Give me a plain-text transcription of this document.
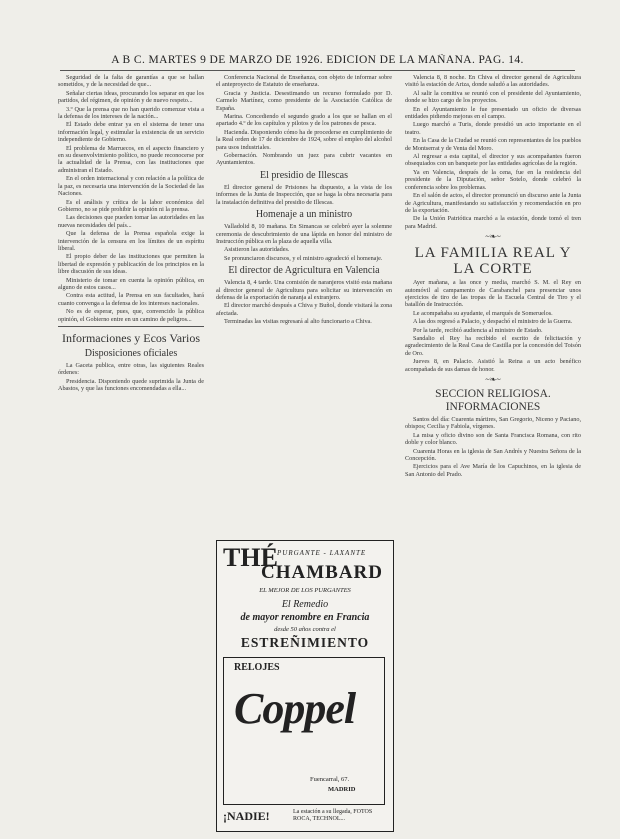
A B C. MARTES 9 DE MARZO DE 1926. EDICION DE LA MAÑANA. PAG. 14.

Seguridad de la falta de garantías a que se hallan sometidos, y de la necesidad de que...

Señalar ciertas ideas, procurando los separar en que los partidos, del régimen, de opinión y de nuevo respeto...

3.º Que la prensa que no han querido comenzar vista a la defensa de los intereses de la nación...

El Estado debe entrar ya en el sistema de tener una información legal, y estimular la existencia de un servicio independiente de Gobierno.

El problema de Marruecos, en el aspecto financiero y en su desenvolvimiento político, no puede reconocerse por la actualidad de la Prensa, con las instituciones que administran el Estado.

En el orden internacional y con relación a la política de la paz, es necesaria una intervención de la Sociedad de las Naciones.

Es el análisis y crítica de la labor económica del Gobierno, no se pide prohibir la opinión ni la prensa.

Las decisiones que pueden tomar las autoridades en las nuevas necesidades del país...

Que la defensa de la Prensa española exige la intervención de la censura en los límites de un espíritu liberal.

El propio deber de las instituciones que permiten la libertad de expresión y publicación de los principios en la libre discusión de sus ideas.

Ministerio de tomar en cuenta la opinión pública, en alguno de estos casos...

Contra esta actitud, la Prensa en sus facultades, hará cuanto convenga a la defensa de los intereses nacionales.

No es de esperar, pues, que, convencido la pública opinión, el Gobierno entre en un camino de peligros...

Informaciones y Ecos Varios
Disposiciones oficiales

La Gaceta publica, entre otras, las siguientes Reales órdenes:

Presidencia. Disponiendo quede suprimida la Junta de Abastos, y que las funciones encomendadas a ella...

Conferencia Nacional de Enseñanza, con objeto de informar sobre el anteproyecto de Estatuto de enseñanza.

Gracia y Justicia. Desestimando un recurso formulado por D. Carmelo Martínez, como presidente de la Asociación Católica de España.

Marina. Concediendo el segundo grado a los que se hallan en el apartado 4.º de los capítulos y pilotos y de los patrones de pesca.

Hacienda. Disponiendo cómo ha de procederse en cumplimiento de la Real orden de 17 de diciembre de 1924, sobre el empleo del alcohol para usos industriales.

Gobernación. Nombrando un juez para cubrir vacantes en Ayuntamientos.

El presidio de Illescas

El director general de Prisiones ha dispuesto, a la vista de los informes de la Junta de Inspección, que se haga la obra necesaria para la instalación definitiva del presidio de Illescas.

Homenaje a un ministro

Valladolid 8, 10 mañana. En Simancas se celebró ayer la solemne ceremonia de descubrimiento de una lápida en honor del ministro de Instrucción pública en la plaza de aquella villa.

Asistieron las autoridades.

Se pronunciaron discursos, y el ministro agradeció el homenaje.

El director de Agricultura en Valencia

Valencia 8, 4 tarde. Una comisión de naranjeros visitó esta mañana al director general de Agricultura para solicitar su intervención en defensa de la exportación de naranja al extranjero.

El director marchó después a Chiva y Buñol, donde visitará la zona afectada.

Terminadas las visitas regresará al alto funcionario a Chiva.

THÉ PURGANTE - LAXANTE
CHAMBARD
EL MEJOR DE LOS PURGANTES
El Remedio
de mayor renombre en Francia
desde 50 años contra el
ESTREÑIMIENTO
RELOJES
Coppel
Fuencarral, 67.
MADRID
¡NADIE!	La estación a su llegada, FOTOS ROCA, TECHNOL...

Valencia 8, 8 noche. En Chiva el director general de Agricultura visitó la estación de Ariza, donde saludó a las autoridades.

Al salir la comitiva se reunió con el presidente del Ayuntamiento, donde se hizo cargo de los proyectos.

En el Ayuntamiento le fue presentado un oficio de diversas entidades pidiendo mejoras en el campo.

Luego marchó a Turis, donde presidió un acto importante en el teatro.

En la Casa de la Ciudad se reunió con representantes de los pueblos de Montserrat y de Venta del Moro.

Al regresar a esta capital, el director y sus acompañantes fueron obsequiados con un banquete por las entidades agrícolas de la región.

Ya en Valencia, después de la cena, fue en la residencia del presidente de la Diputación, señor Sotelo, donde celebró la conferencia sobre los problemas.

En el salón de actos, el director pronunció un discurso ante la Junta de Agricultura, manifestando su satisfacción y recomendación en pro de la exportación.

De la Unión Patriótica marchó a la estación, donde tomó el tren para Madrid.

~❧~
LA FAMILIA REAL Y LA CORTE

Ayer mañana, a las once y media, marchó S. M. el Rey en automóvil al campamento de Carabanchel para presenciar unos ejercicios de tiro de las tropas de la Escuela Central de Tiro y el batallón de Instrucción.

Le acompañaba su ayudante, el marqués de Someruelos.

A las dos regresó a Palacio, y despachó el ministro de la Guerra.

Por la tarde, recibió audiencia al ministro de Estado.

Sandalio el Rey ha recibido el escrito de felicitación y agradecimiento de la Real Casa de Castilla por la concesión del Toisón de Oro.

Jueves 8, en Palacio. Asistió la Reina a un acto benéfico acompañada de sus damas de honor.

~❧~
SECCION RELIGIOSA. INFORMACIONES

Santos del día: Cuarenta mártires, San Gregorio, Niceno y Paciano, obispos; Cecilia y Fabiola, vírgenes.

La misa y oficio divino son de Santa Francisca Romana, con rito doble y color blanco.

Cuarenta Horas en la iglesia de San Andrés y Nuestra Señora de la Concepción.

Ejercicios para el Ave María de los Capuchinos, en la iglesia de San Antonio del Prado.
